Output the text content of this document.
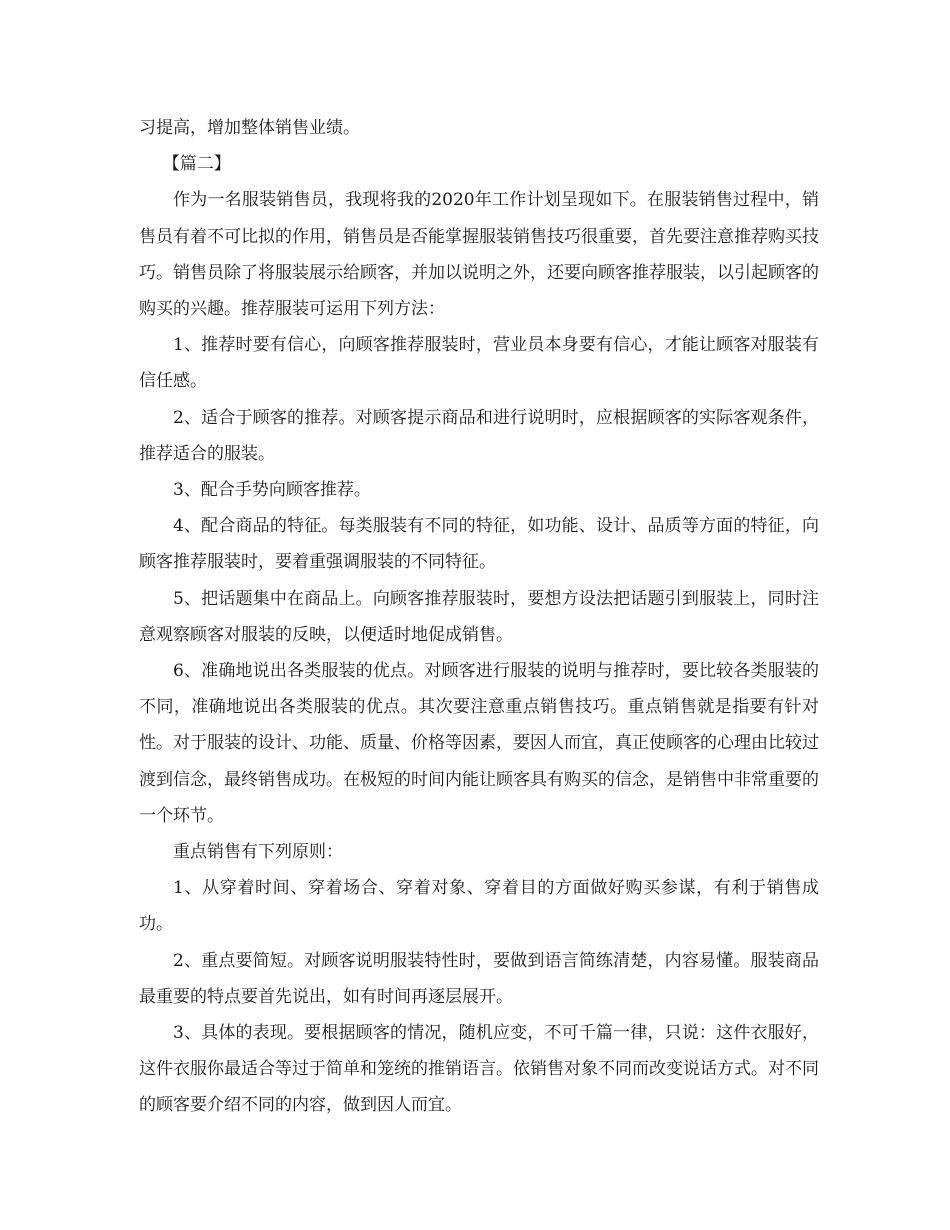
习提高，增加整体销售业绩。

【篇二】

作为一名服装销售员，我现将我的2020年工作计划呈现如下。在服装销售过程中，销售员有着不可比拟的作用，销售员是否能掌握服装销售技巧很重要，首先要注意推荐购买技巧。销售员除了将服装展示给顾客，并加以说明之外，还要向顾客推荐服装，以引起顾客的购买的兴趣。推荐服装可运用下列方法：

1、推荐时要有信心，向顾客推荐服装时，营业员本身要有信心，才能让顾客对服装有信任感。

2、适合于顾客的推荐。对顾客提示商品和进行说明时，应根据顾客的实际客观条件，推荐适合的服装。

3、配合手势向顾客推荐。

4、配合商品的特征。每类服装有不同的特征，如功能、设计、品质等方面的特征，向顾客推荐服装时，要着重强调服装的不同特征。

5、把话题集中在商品上。向顾客推荐服装时，要想方设法把话题引到服装上，同时注意观察顾客对服装的反映，以便适时地促成销售。

6、准确地说出各类服装的优点。对顾客进行服装的说明与推荐时，要比较各类服装的不同，准确地说出各类服装的优点。其次要注意重点销售技巧。重点销售就是指要有针对性。对于服装的设计、功能、质量、价格等因素，要因人而宜，真正使顾客的心理由比较过渡到信念，最终销售成功。在极短的时间内能让顾客具有购买的信念，是销售中非常重要的一个环节。

重点销售有下列原则：

1、从穿着时间、穿着场合、穿着对象、穿着目的方面做好购买参谋，有利于销售成功。

2、重点要简短。对顾客说明服装特性时，要做到语言简练清楚，内容易懂。服装商品最重要的特点要首先说出，如有时间再逐层展开。

3、具体的表现。要根据顾客的情况，随机应变，不可千篇一律，只说：这件衣服好，这件衣服你最适合等过于简单和笼统的推销语言。依销售对象不同而改变说话方式。对不同的顾客要介绍不同的内容，做到因人而宜。
